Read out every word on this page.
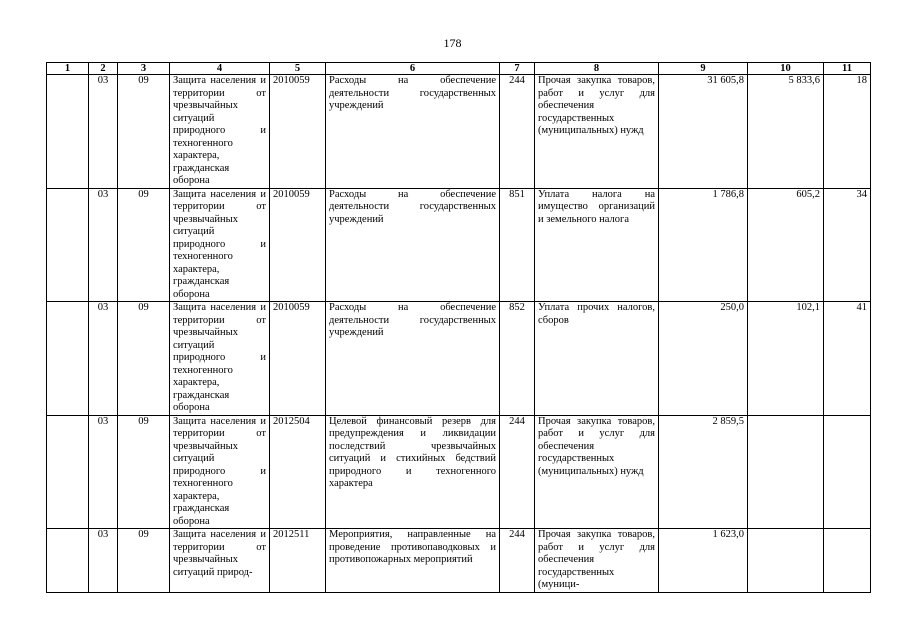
178
1	2	3	4	5	6	7	8	9	10	11
	03	09	Защита населения и территории от чрезвычайных ситуаций природного и техногенного характера, гражданская оборона	2010059	Расходы на обеспечение деятельности государственных учреждений	244	Прочая закупка товаров, работ и услуг для обеспечения государственных (муниципальных) нужд	31 605,8	5 833,6	18
	03	09	Защита населения и территории от чрезвычайных ситуаций природного и техногенного характера, гражданская оборона	2010059	Расходы на обеспечение деятельности государственных учреждений	851	Уплата налога на имущество организаций и земельного налога	1 786,8	605,2	34
	03	09	Защита населения и территории от чрезвычайных ситуаций природного и техногенного характера, гражданская оборона	2010059	Расходы на обеспечение деятельности государственных учреждений	852	Уплата прочих налогов, сборов	250,0	102,1	41
	03	09	Защита населения и территории от чрезвычайных ситуаций природного и техногенного характера, гражданская оборона	2012504	Целевой финансовый резерв для предупреждения и ликвидации последствий чрезвычайных ситуаций и стихийных бедствий природного и техногенного характера	244	Прочая закупка товаров, работ и услуг для обеспечения государственных (муниципальных) нужд	2 859,5		
	03	09	Защита населения и территории от чрезвычайных ситуаций природ-	2012511	Мероприятия, направленные на проведение противопаводковых и противопожарных мероприятий	244	Прочая закупка товаров, работ и услуг для обеспечения государственных (муници-	1 623,0		
